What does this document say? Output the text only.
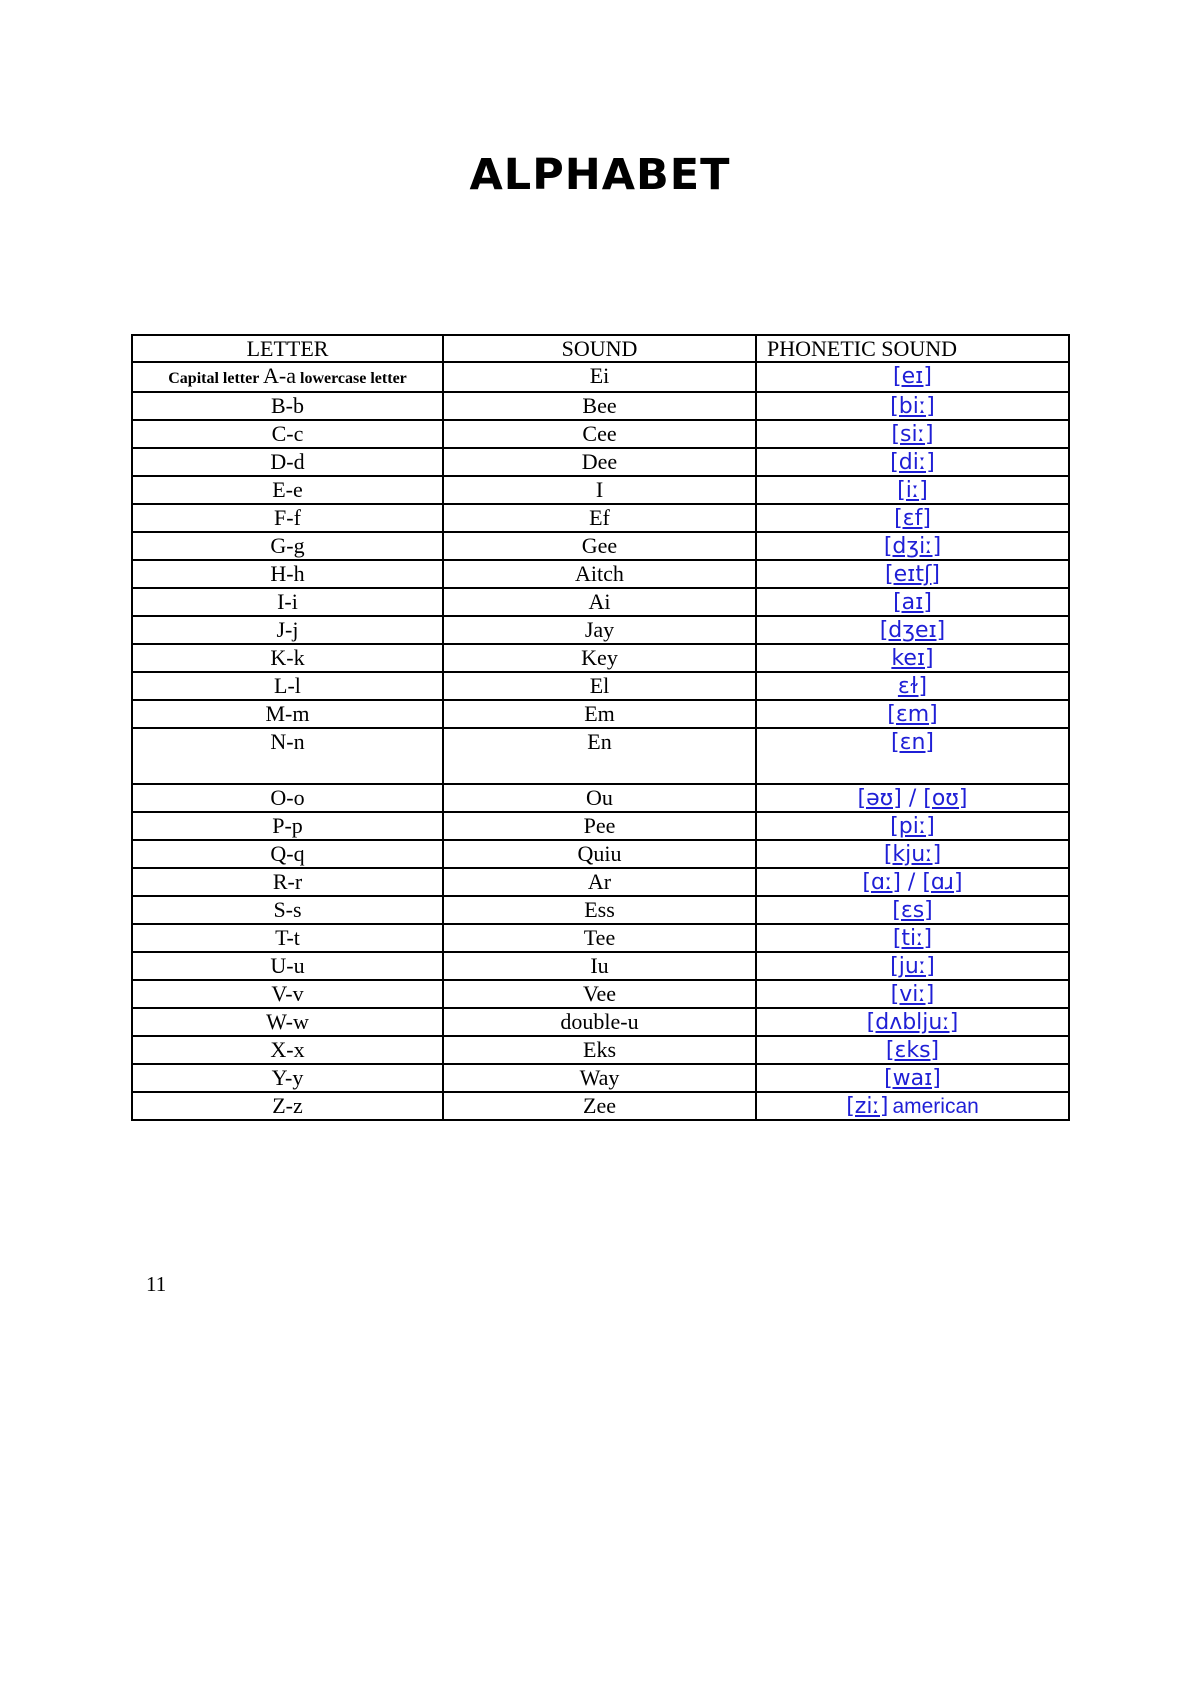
ALPHABET
LETTER	SOUND	PHONETIC SOUND
Capital letter A-a lowercase letter	Ei	[eɪ]
B-b	Bee	[biː]
C-c	Cee	[siː]
D-d	Dee	[diː]
E-e	I	[iː]
F-f	Ef	[ɛf]
G-g	Gee	[dʒiː]
H-h	Aitch	[eɪtʃ]
I-i	Ai	[aɪ]
J-j	Jay	[dʒeɪ]
K-k	Key	keɪ]
L-l	El	ɛɫ]
M-m	Em	[ɛm]
N-n	En	[ɛn]
O-o	Ou	[əʊ] / [oʊ]
P-p	Pee	[piː]
Q-q	Quiu	[kjuː]
R-r	Ar	[ɑː] / [ɑɹ]
S-s	Ess	[ɛs]
T-t	Tee	[tiː]
U-u	Iu	[juː]
V-v	Vee	[viː]
W-w	double-u	[dʌbljuː]
X-x	Eks	[ɛks]
Y-y	Way	[waɪ]
Z-z	Zee	[ziː] american
11
